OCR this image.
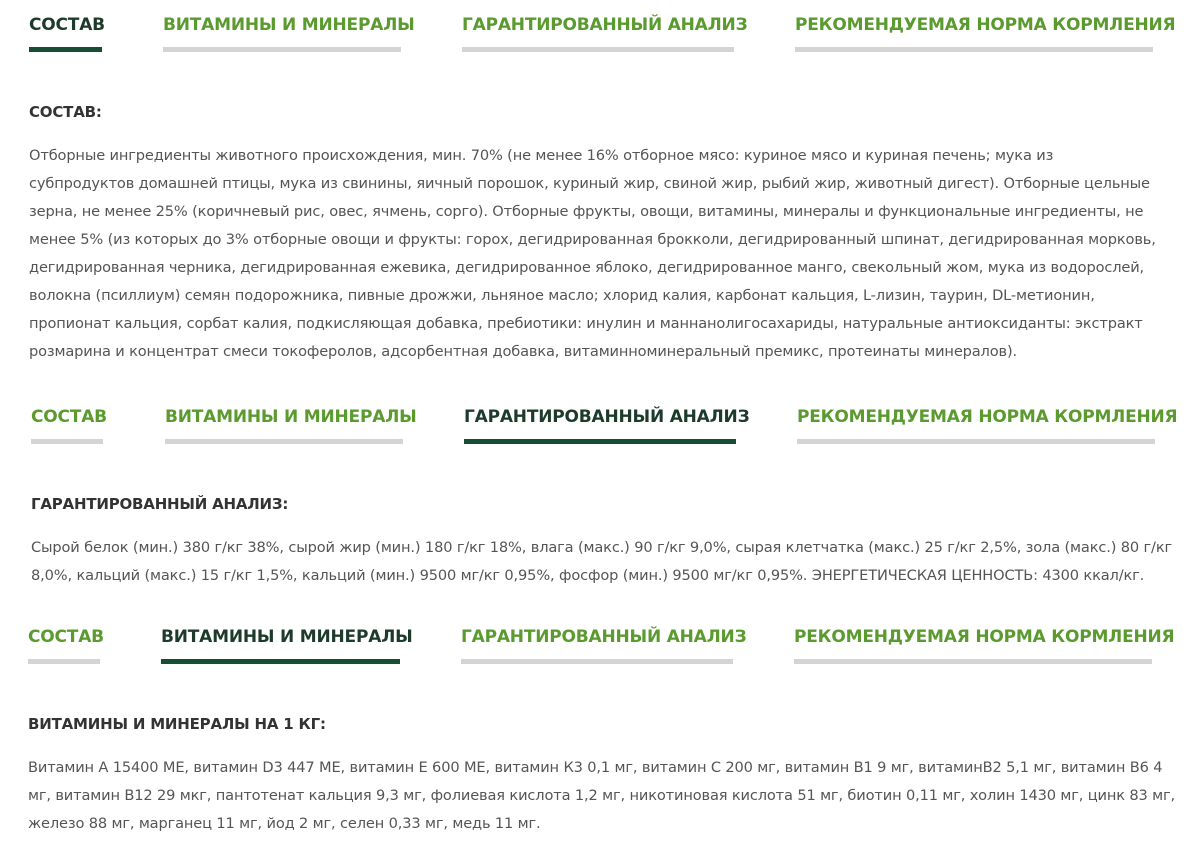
СОСТАВ	ВИТАМИНЫ И МИНЕРАЛЫ	ГАРАНТИРОВАННЫЙ АНАЛИЗ	РЕКОМЕНДУЕМАЯ НОРМА КОРМЛЕНИЯ
СОСТАВ:

Отборные ингредиенты животного происхождения, мин. 70% (не менее 16% отборное мясо: куриное мясо и куриная печень; мука из субпродуктов домашней птицы, мука из свинины, яичный порошок, куриный жир, свиной жир, рыбий жир, животный дигест). Отборные цельные зерна, не менее 25% (коричневый рис, овес, ячмень, сорго). Отборные фрукты, овощи, витамины, минералы и функциональные ингредиенты, не менее 5% (из которых до 3% отборные овощи и фрукты: горох, дегидрированная брокколи, дегидрированный шпинат, дегидрированная морковь, дегидрированная черника, дегидрированная ежевика, дегидрированное яблоко, дегидрированное манго, свекольный жом, мука из водорослей, волокна (псиллиум) семян подорожника, пивные дрожжи, льняное масло; хлорид калия, карбонат кальция, L-лизин, таурин, DL-метионин, пропионат кальция, сорбат калия, подкисляющая добавка, пребиотики: инулин и маннанолигосахариды, натуральные антиоксиданты: экстракт розмарина и концентрат смеси токоферолов, адсорбентная добавка, витаминноминеральный премикс, протеинаты минералов).

СОСТАВ	ВИТАМИНЫ И МИНЕРАЛЫ	ГАРАНТИРОВАННЫЙ АНАЛИЗ	РЕКОМЕНДУЕМАЯ НОРМА КОРМЛЕНИЯ
ГАРАНТИРОВАННЫЙ АНАЛИЗ:

Сырой белок (мин.) 380 г/кг 38%, сырой жир (мин.) 180 г/кг 18%, влага (макс.) 90 г/кг 9,0%, сырая клетчатка (макс.) 25 г/кг 2,5%, зола (макс.) 80 г/кг 8,0%, кальций (макс.) 15 г/кг 1,5%, кальций (мин.) 9500 мг/кг 0,95%, фосфор (мин.) 9500 мг/кг 0,95%. ЭНЕРГЕТИЧЕСКАЯ ЦЕННОСТЬ: 4300 ккал/кг.

СОСТАВ	ВИТАМИНЫ И МИНЕРАЛЫ	ГАРАНТИРОВАННЫЙ АНАЛИЗ	РЕКОМЕНДУЕМАЯ НОРМА КОРМЛЕНИЯ
ВИТАМИНЫ И МИНЕРАЛЫ НА 1 КГ:

Витамин А 15400 МЕ, витамин D3 447 МЕ, витамин Е 600 МЕ, витамин К3 0,1 мг, витамин С 200 мг, витамин В1 9 мг, витаминВ2 5,1 мг, витамин В6 4 мг, витамин В12 29 мкг, пантотенат кальция 9,3 мг, фолиевая кислота 1,2 мг, никотиновая кислота 51 мг, биотин 0,11 мг, холин 1430 мг, цинк 83 мг, железо 88 мг, марганец 11 мг, йод 2 мг, селен 0,33 мг, медь 11 мг.
